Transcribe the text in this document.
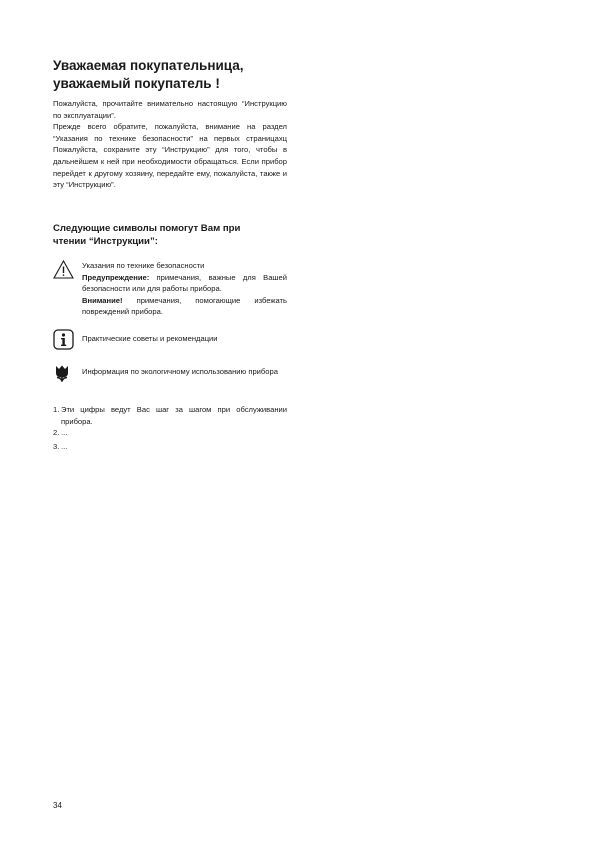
Уважаемая покупательница,
уважаемый покупатель !

Пожалуйста, прочитайте внимательно настоящую “Инструкцию по эксплуатации”.

Прежде всего обратите, пожалуйста, внимание на раздел “Указания по технике безопасности” на первых страницахц Пожалуйста, сохраните эту “Инструкцию” для того, чтобы в дальнейшем к ней при необходимости обращаться. Если прибор перейдет к другому хозяину, передайте ему, пожалуйста, также и эту “Инструкцию”.

Следующие символы помогут Вам при
чтении “Инструкции”:

Указания по технике безопасности

Предупреждение: примечания, важные для Вашей безопасности или для работы прибора.

Внимание! примечания, помогающие избежать повреждений прибора.

Практические советы и рекомендации

Информация по экологичному использованию прибора

1. Эти цифры ведут Вас шаг за шагом при обслуживании прибора.
2. ...
3. ...
34
